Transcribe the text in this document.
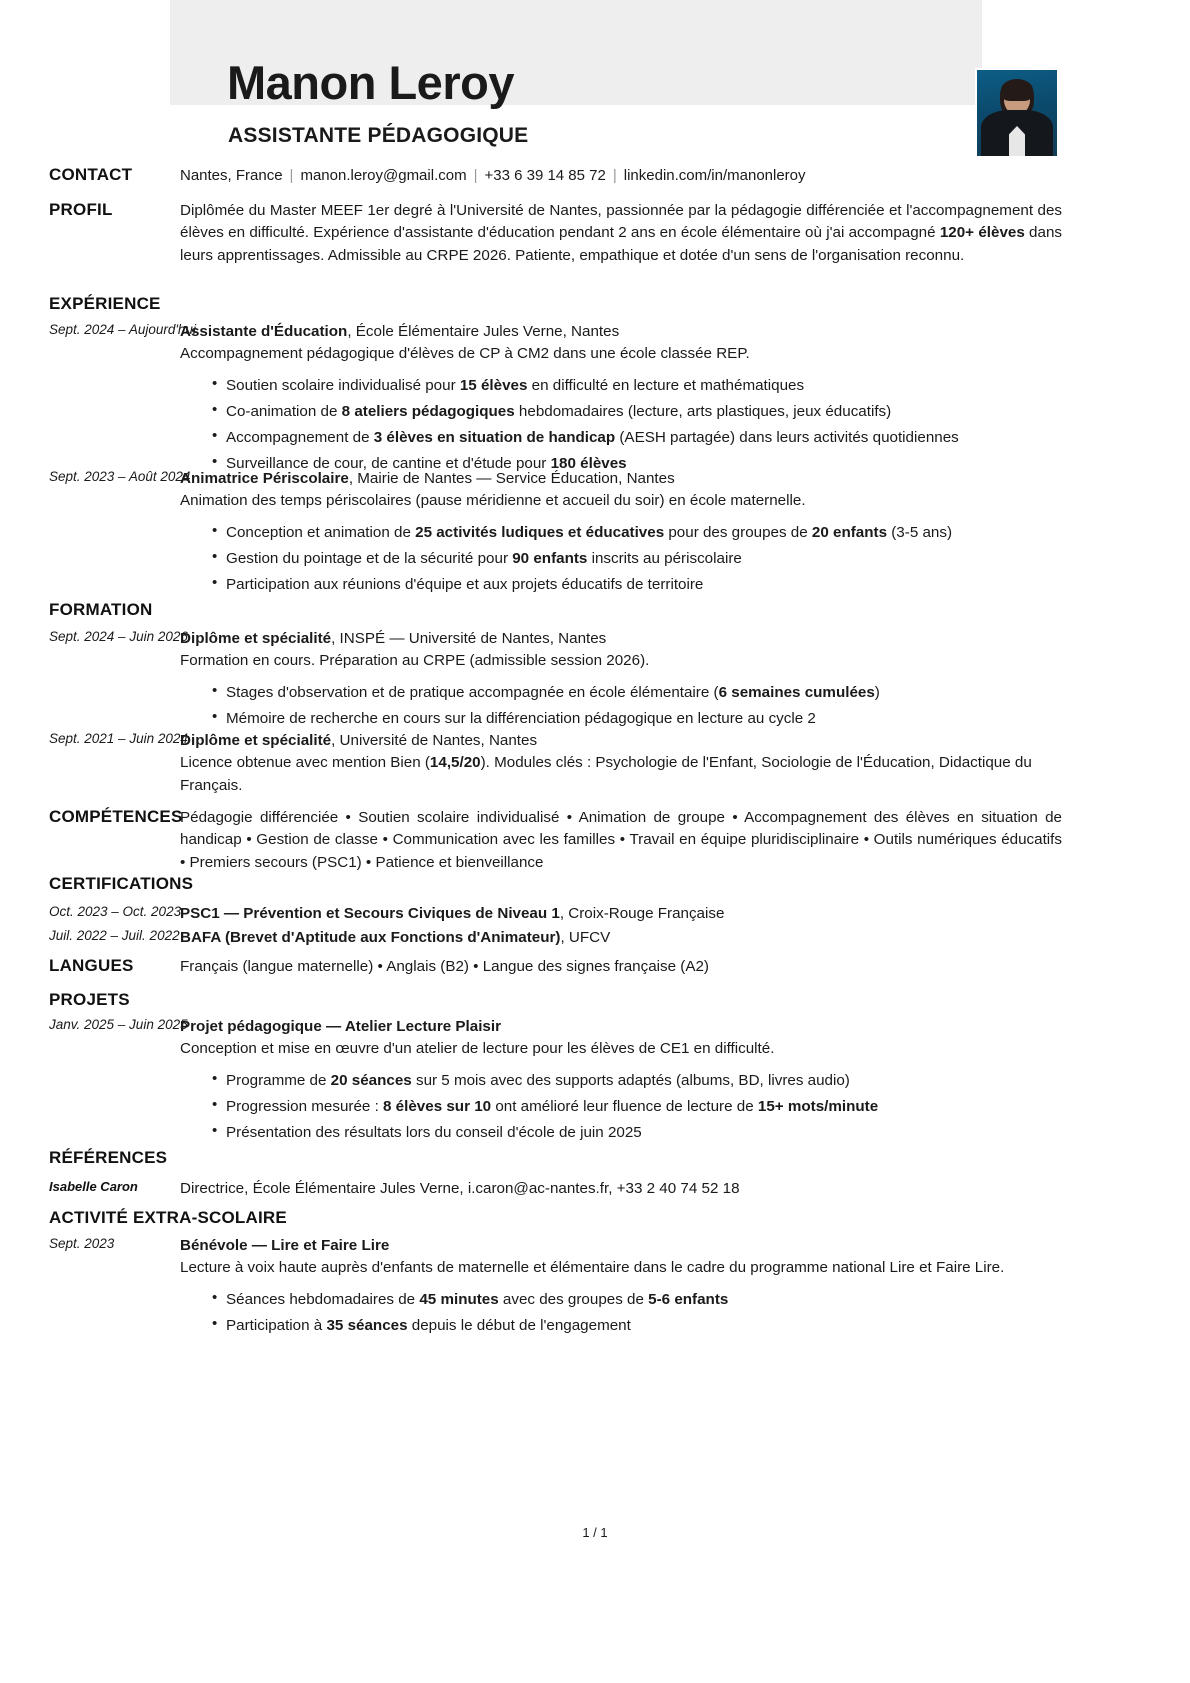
Manon Leroy
ASSISTANTE PÉDAGOGIQUE
CONTACT	Nantes, France | manon.leroy@gmail.com | +33 6 39 14 85 72 | linkedin.com/in/manonleroy
PROFIL	Diplômée du Master MEEF 1er degré à l'Université de Nantes, passionnée par la pédagogie différenciée et l'accompagnement des élèves en difficulté. Expérience d'assistante d'éducation pendant 2 ans en école élémentaire où j'ai accompagné 120+ élèves dans leurs apprentissages. Admissible au CRPE 2026. Patiente, empathique et dotée d'un sens de l'organisation reconnu.
EXPÉRIENCE
Sept. 2024 – Aujourd'hui
Assistante d'Éducation, École Élémentaire Jules Verne, Nantes
Accompagnement pédagogique d'élèves de CP à CM2 dans une école classée REP.
• Soutien scolaire individualisé pour 15 élèves en difficulté en lecture et mathématiques
• Co-animation de 8 ateliers pédagogiques hebdomadaires (lecture, arts plastiques, jeux éducatifs)
• Accompagnement de 3 élèves en situation de handicap (AESH partagée) dans leurs activités quotidiennes
• Surveillance de cour, de cantine et d'étude pour 180 élèves
Sept. 2023 – Août 2024
Animatrice Périscolaire, Mairie de Nantes — Service Éducation, Nantes
Animation des temps périscolaires (pause méridienne et accueil du soir) en école maternelle.
• Conception et animation de 25 activités ludiques et éducatives pour des groupes de 20 enfants (3-5 ans)
• Gestion du pointage et de la sécurité pour 90 enfants inscrits au périscolaire
• Participation aux réunions d'équipe et aux projets éducatifs de territoire
FORMATION
Sept. 2024 – Juin 2026
Diplôme et spécialité, INSPÉ — Université de Nantes, Nantes
Formation en cours. Préparation au CRPE (admissible session 2026).
• Stages d'observation et de pratique accompagnée en école élémentaire (6 semaines cumulées)
• Mémoire de recherche en cours sur la différenciation pédagogique en lecture au cycle 2
Sept. 2021 – Juin 2024
Diplôme et spécialité, Université de Nantes, Nantes
Licence obtenue avec mention Bien (14,5/20). Modules clés : Psychologie de l'Enfant, Sociologie de l'Éducation, Didactique du Français.
COMPÉTENCES
Pédagogie différenciée • Soutien scolaire individualisé • Animation de groupe • Accompagnement des élèves en situation de handicap • Gestion de classe • Communication avec les familles • Travail en équipe pluridisciplinaire • Outils numériques éducatifs • Premiers secours (PSC1) • Patience et bienveillance
CERTIFICATIONS
Oct. 2023 – Oct. 2023
PSC1 — Prévention et Secours Civiques de Niveau 1, Croix-Rouge Française
Juil. 2022 – Juil. 2022 BAFA (Brevet d'Aptitude aux Fonctions d'Animateur), UFCV
LANGUES	Français (langue maternelle) • Anglais (B2) • Langue des signes française (A2)
PROJETS
Janv. 2025 – Juin 2025
Projet pédagogique — Atelier Lecture Plaisir
Conception et mise en œuvre d'un atelier de lecture pour les élèves de CE1 en difficulté.
• Programme de 20 séances sur 5 mois avec des supports adaptés (albums, BD, livres audio)
• Progression mesurée : 8 élèves sur 10 ont amélioré leur fluence de lecture de 15+ mots/minute
• Présentation des résultats lors du conseil d'école de juin 2025
RÉFÉRENCES
Isabelle Caron	Directrice, École Élémentaire Jules Verne, i.caron@ac-nantes.fr, +33 2 40 74 52 18
ACTIVITÉ EXTRA-SCOLAIRE
Sept. 2023	Bénévole — Lire et Faire Lire
Lecture à voix haute auprès d'enfants de maternelle et élémentaire dans le cadre du programme national Lire et Faire Lire.
• Séances hebdomadaires de 45 minutes avec des groupes de 5-6 enfants
• Participation à 35 séances depuis le début de l'engagement
1 / 1
